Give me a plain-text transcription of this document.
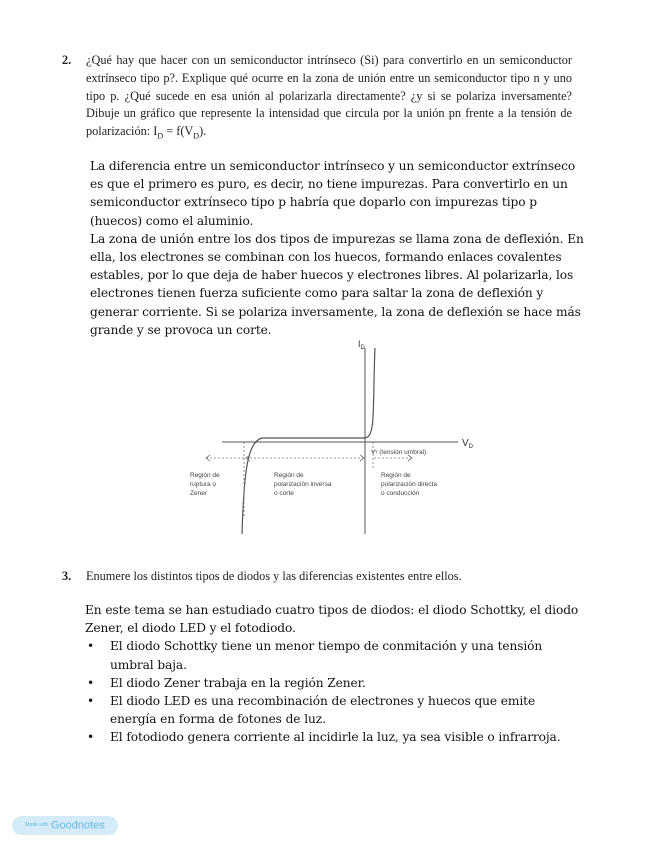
2. ¿Qué hay que hacer con un semiconductor intrínseco (Si) para convertirlo en un semiconductor extrínseco tipo p?. Explique qué ocurre en la zona de unión entre un semiconductor tipo n y uno tipo p. ¿Qué sucede en esa unión al polarizarla directamente? ¿y si se polariza inversamente? Dibuje un gráfico que represente la intensidad que circula por la unión pn frente a la tensión de polarización: $I_D = f(V_D)$.

La diferencia entre un semiconductor intrínseco y un semiconductor extrínseco es que el primero es puro, es decir, no tiene impurezas. Para convertirlo en un semiconductor extrínseco tipo p habría que doparlo con impurezas tipo p (huecos) como el aluminio.

La zona de unión entre los dos tipos de impurezas se llama zona de deflexión. En ella, los electrones se combinan con los huecos, formando enlaces covalentes estables, por lo que deja de haber huecos y electrones libres. Al polarizarla, los electrones tienen fuerza suficiente como para saltar la zona de deflexión y generar corriente. Si se polariza inversamente, la zona de deflexión se hace más grande y se provoca un corte.

$I_D$
$V_D$
Vᵞ (tensión umbral)
Región de ruptura o Zener
Región de polarización inversa o corte
Región de polarización directa o conducción
3. Enumere los distintos tipos de diodos y las diferencias existentes entre ellos.

En este tema se han estudiado cuatro tipos de diodos: el diodo Schottky, el diodo Zener, el diodo LED y el fotodiodo.

• El diodo Schottky tiene un menor tiempo de conmitación y una tensión umbral baja.
• El diodo Zener trabaja en la región Zener.
• El diodo LED es una recombinación de electrones y huecos que emite energía en forma de fotones de luz.
• El fotodiodo genera corriente al incidirle la luz, ya sea visible o infrarroja.
Made with Goodnotes
